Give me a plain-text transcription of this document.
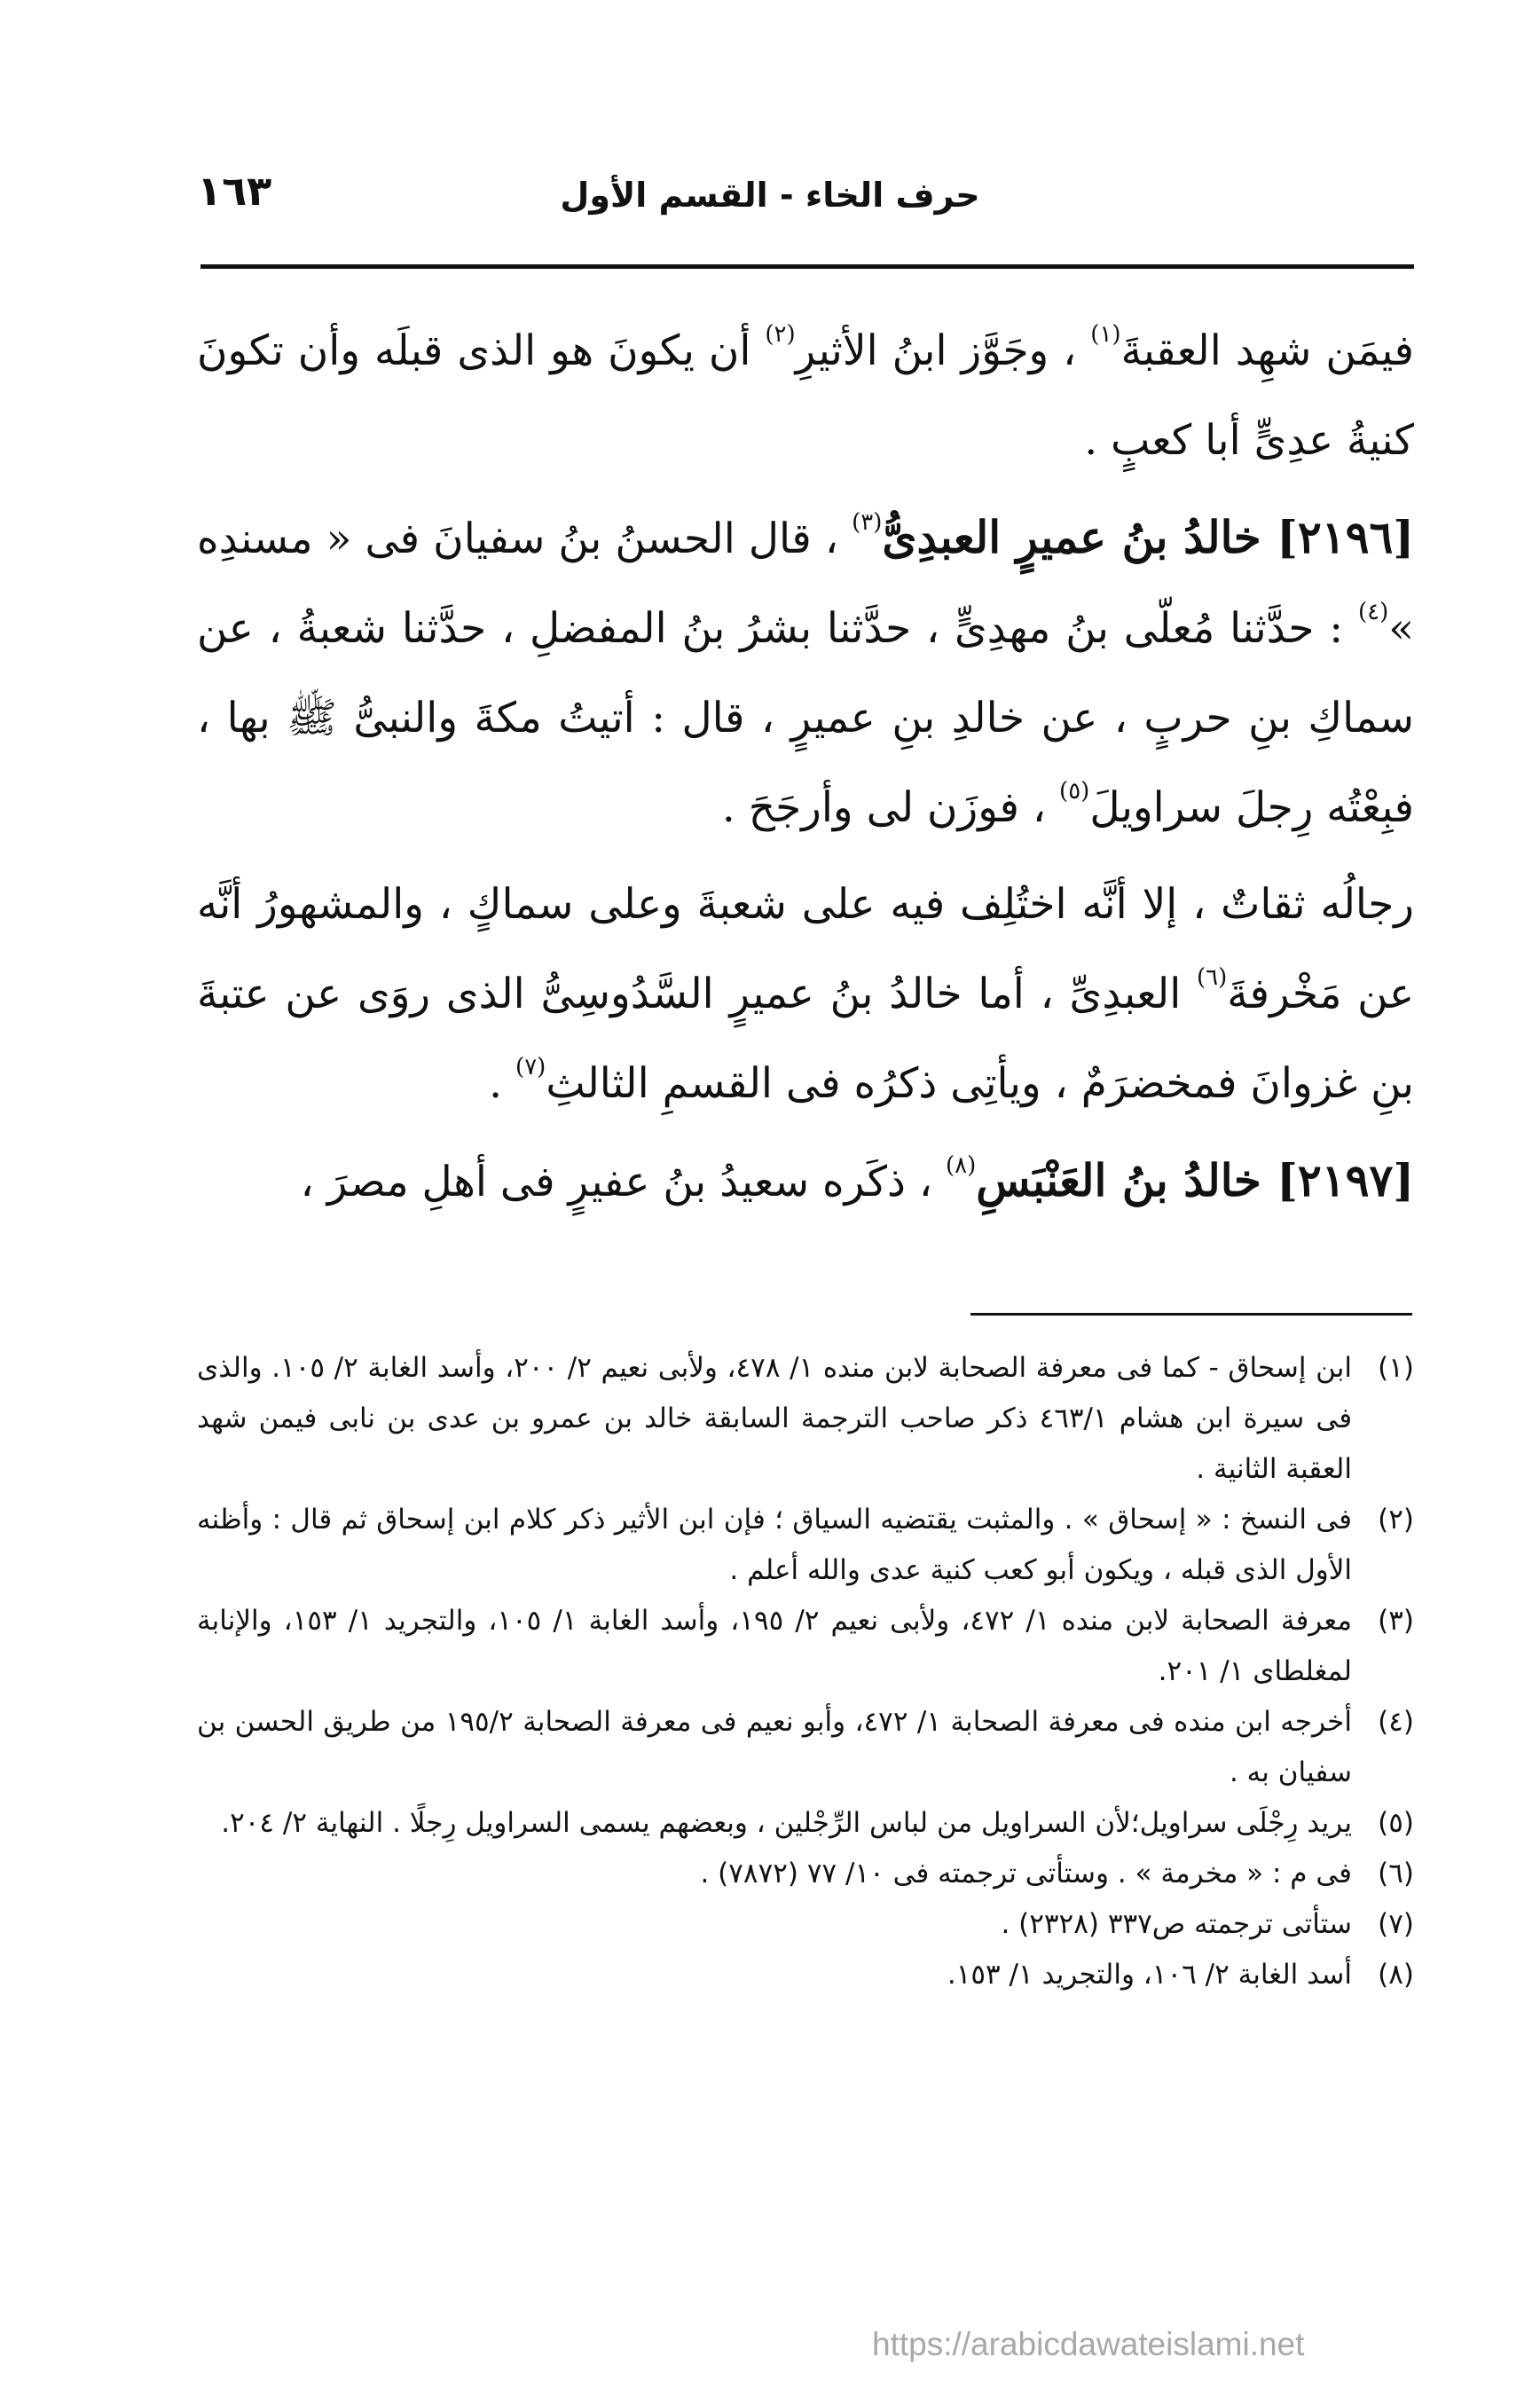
حرف الخاء - القسم الأول
١٦٣

فيمَن شهِد العقبةَ$^{(١)}$ ، وجَوَّز ابنُ الأثيرِ$^{(٢)}$ أن يكونَ هو الذى قبلَه وأن تكونَ كنيةُ عدِىٍّ أبا كعبٍ .

[٢١٩٦] خالدُ بنُ عميرٍ العبدِىُّ$^{(٣)}$ ، قال الحسنُ بنُ سفيانَ فى « مسندِه »$^{(٤)}$ : حدَّثنا مُعلّى بنُ مهدِىٍّ ، حدَّثنا بشرُ بنُ المفضلِ ، حدَّثنا شعبةُ ، عن سماكِ بنِ حربٍ ، عن خالدِ بنِ عميرٍ ، قال : أتيتُ مكةَ والنبىُّ ﷺ بها ، فبِعْتُه رِجلَ سراويلَ$^{(٥)}$ ، فوزَن لى وأرجَحَ .

رجالُه ثقاتٌ ، إلا أنَّه اختُلِف فيه على شعبةَ وعلى سماكٍ ، والمشهورُ أنَّه عن مَخْرفةَ$^{(٦)}$ العبدِىِّ ، أما خالدُ بنُ عميرٍ السَّدُوسِىُّ الذى روَى عن عتبةَ بنِ غزوانَ فمخضرَمٌ ، ويأتِى ذكرُه فى القسمِ الثالثِ$^{(٧)}$ .

[٢١٩٧] خالدُ بنُ العَنْبَسِ$^{(٨)}$ ، ذكَره سعيدُ بنُ عفيرٍ فى أهلِ مصرَ ،

(١)
ابن إسحاق - كما فى معرفة الصحابة لابن منده ١/ ٤٧٨، ولأبى نعيم ٢/ ٢٠٠، وأسد الغابة ٢/ ١٠٥. والذى فى سيرة ابن هشام ٤٦٣/١ ذكر صاحب الترجمة السابقة خالد بن عمرو بن عدى بن نابى فيمن شهد العقبة الثانية .
(٢)
فى النسخ : « إسحاق » . والمثبت يقتضيه السياق ؛ فإن ابن الأثير ذكر كلام ابن إسحاق ثم قال : وأظنه الأول الذى قبله ، ويكون أبو كعب كنية عدى والله أعلم .
(٣)
معرفة الصحابة لابن منده ١/ ٤٧٢، ولأبى نعيم ٢/ ١٩٥، وأسد الغابة ١/ ١٠٥، والتجريد ١/ ١٥٣، والإنابة لمغلطاى ١/ ٢٠١.
(٤)
أخرجه ابن منده فى معرفة الصحابة ١/ ٤٧٢، وأبو نعيم فى معرفة الصحابة ١٩٥/٢ من طريق الحسن بن سفيان به .
(٥)
يريد رِجْلَى سراويل؛لأن السراويل من لباس الرِّجْلين ، وبعضهم يسمى السراويل رِجلًا . النهاية ٢/ ٢٠٤.
(٦)
فى م : « مخرمة » . وستأتى ترجمته فى ١٠/ ٧٧ (٧٨٧٢) .
(٧)
ستأتى ترجمته ص٣٣٧ (٢٣٢٨) .
(٨)
أسد الغابة ٢/ ١٠٦، والتجريد ١/ ١٥٣.
https://arabicdawateislami.net
